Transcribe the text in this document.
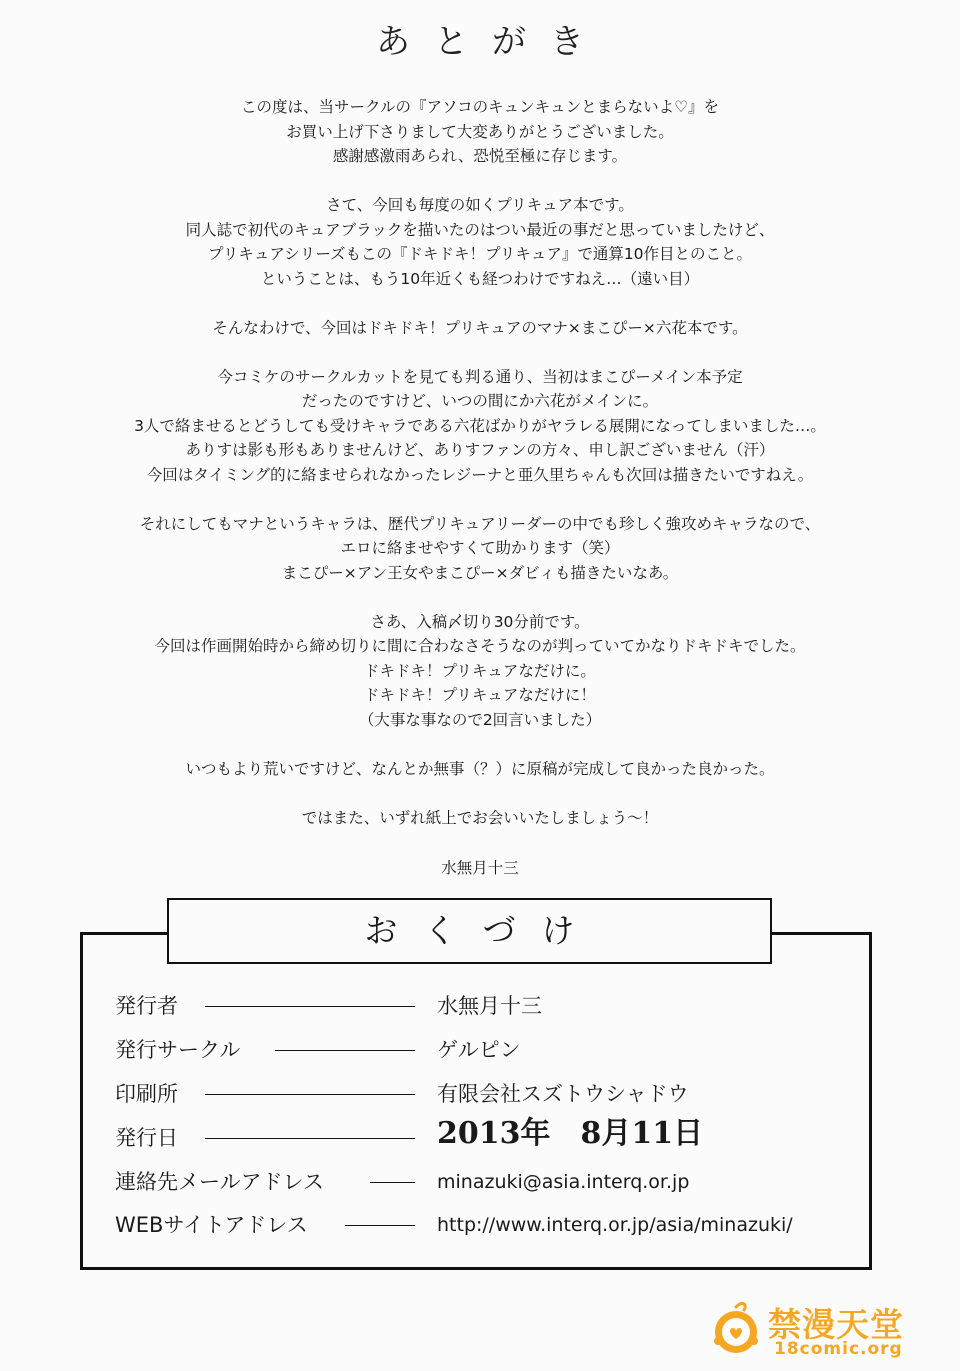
あとがき

この度は、当サークルの『アソコのキュンキュンとまらないよ♡』を
お買い上げ下さりまして大変ありがとうございました。
感謝感激雨あられ、恐悦至極に存じます。

さて、今回も毎度の如くプリキュア本です。
同人誌で初代のキュアブラックを描いたのはつい最近の事だと思っていましたけど、
プリキュアシリーズもこの『ドキドキ！プリキュア』で通算10作目とのこと。
ということは、もう10年近くも経つわけですねえ…（遠い目）

そんなわけで、今回はドキドキ！プリキュアのマナ×まこぴー×六花本です。

今コミケのサークルカットを見ても判る通り、当初はまこぴーメイン本予定
だったのですけど、いつの間にか六花がメインに。
3人で絡ませるとどうしても受けキャラである六花ばかりがヤラレる展開になってしまいました…。
ありすは影も形もありませんけど、ありすファンの方々、申し訳ございません（汗）
今回はタイミング的に絡ませられなかったレジーナと亜久里ちゃんも次回は描きたいですねえ。

それにしてもマナというキャラは、歴代プリキュアリーダーの中でも珍しく強攻めキャラなので、
エロに絡ませやすくて助かります（笑）
まこぴー×アン王女やまこぴー×ダビィも描きたいなあ。

さあ、入稿〆切り30分前です。
今回は作画開始時から締め切りに間に合わなさそうなのが判っていてかなりドキドキでした。
ドキドキ！プリキュアなだけに。
ドキドキ！プリキュアなだけに！
（大事な事なので2回言いました）

いつもより荒いですけど、なんとか無事（？）に原稿が完成して良かった良かった。

ではまた、いずれ紙上でお会いいたしましょう～！

水無月十三
おくづけ
発行者	水無月十三
発行サークル	ゲルピン
印刷所	有限会社スズトウシャドウ
発行日	2013年　8月11日
連絡先メールアドレス	minazuki@asia.interq.or.jp
WEBサイトアドレス	http://www.interq.or.jp/asia/minazuki/
禁漫天堂
18comic.org
